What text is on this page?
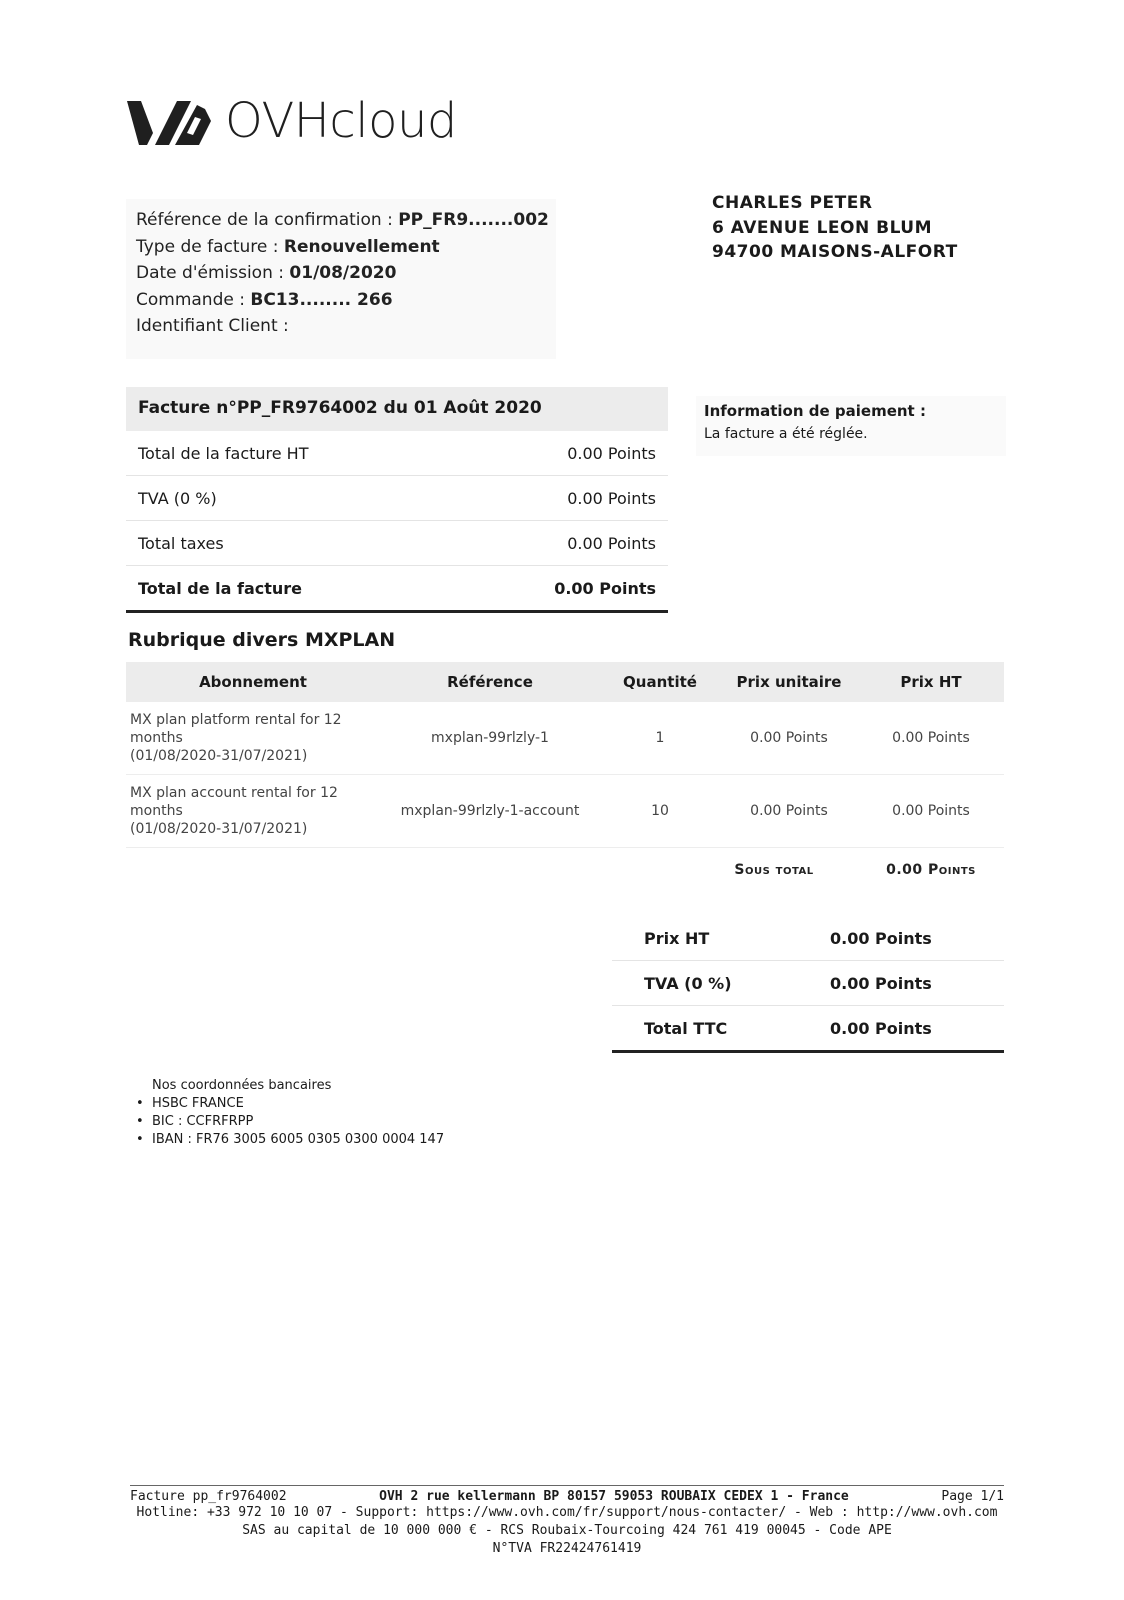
OVHcloud
Référence de la confirmation : PP_FR9.......002
Type de facture : Renouvellement
Date d'émission : 01/08/2020
Commande : BC13........ 266
Identifiant Client :
CHARLES PETER
6 AVENUE LEON BLUM
94700 MAISONS-ALFORT
Facture n°PP_FR9764002 du 01 Août 2020
Total de la facture HT	0.00 Points
TVA (0 %)	0.00 Points
Total taxes	0.00 Points
Total de la facture	0.00 Points
Information de paiement :
La facture a été réglée.
Rubrique divers MXPLAN
Abonnement	Référence	Quantité	Prix unitaire	Prix HT

MX plan platform rental for 12
months
(01/08/2020-31/07/2021)	mxplan-99rlzly-1	1	0.00 Points	0.00 Points

MX plan account rental for 12
months
(01/08/2020-31/07/2021)	mxplan-99rlzly-1-account	10	0.00 Points	0.00 Points
		Sous total		0.00 Points
Prix HT	0.00 Points
TVA (0 %)	0.00 Points
Total TTC	0.00 Points
Nos coordonnées bancaires
• HSBC FRANCE
• BIC : CCFRFRPP
• IBAN : FR76 3005 6005 0305 0300 0004 147
Facture pp_fr9764002	OVH 2 rue kellermann BP 80157 59053 ROUBAIX CEDEX 1 - France	Page 1/1
Hotline: +33 972 10 10 07 - Support: https://www.ovh.com/fr/support/nous-contacter/ - Web : http://www.ovh.com
SAS au capital de 10 000 000 € - RCS Roubaix-Tourcoing 424 761 419 00045 - Code APE
N°TVA FR22424761419
